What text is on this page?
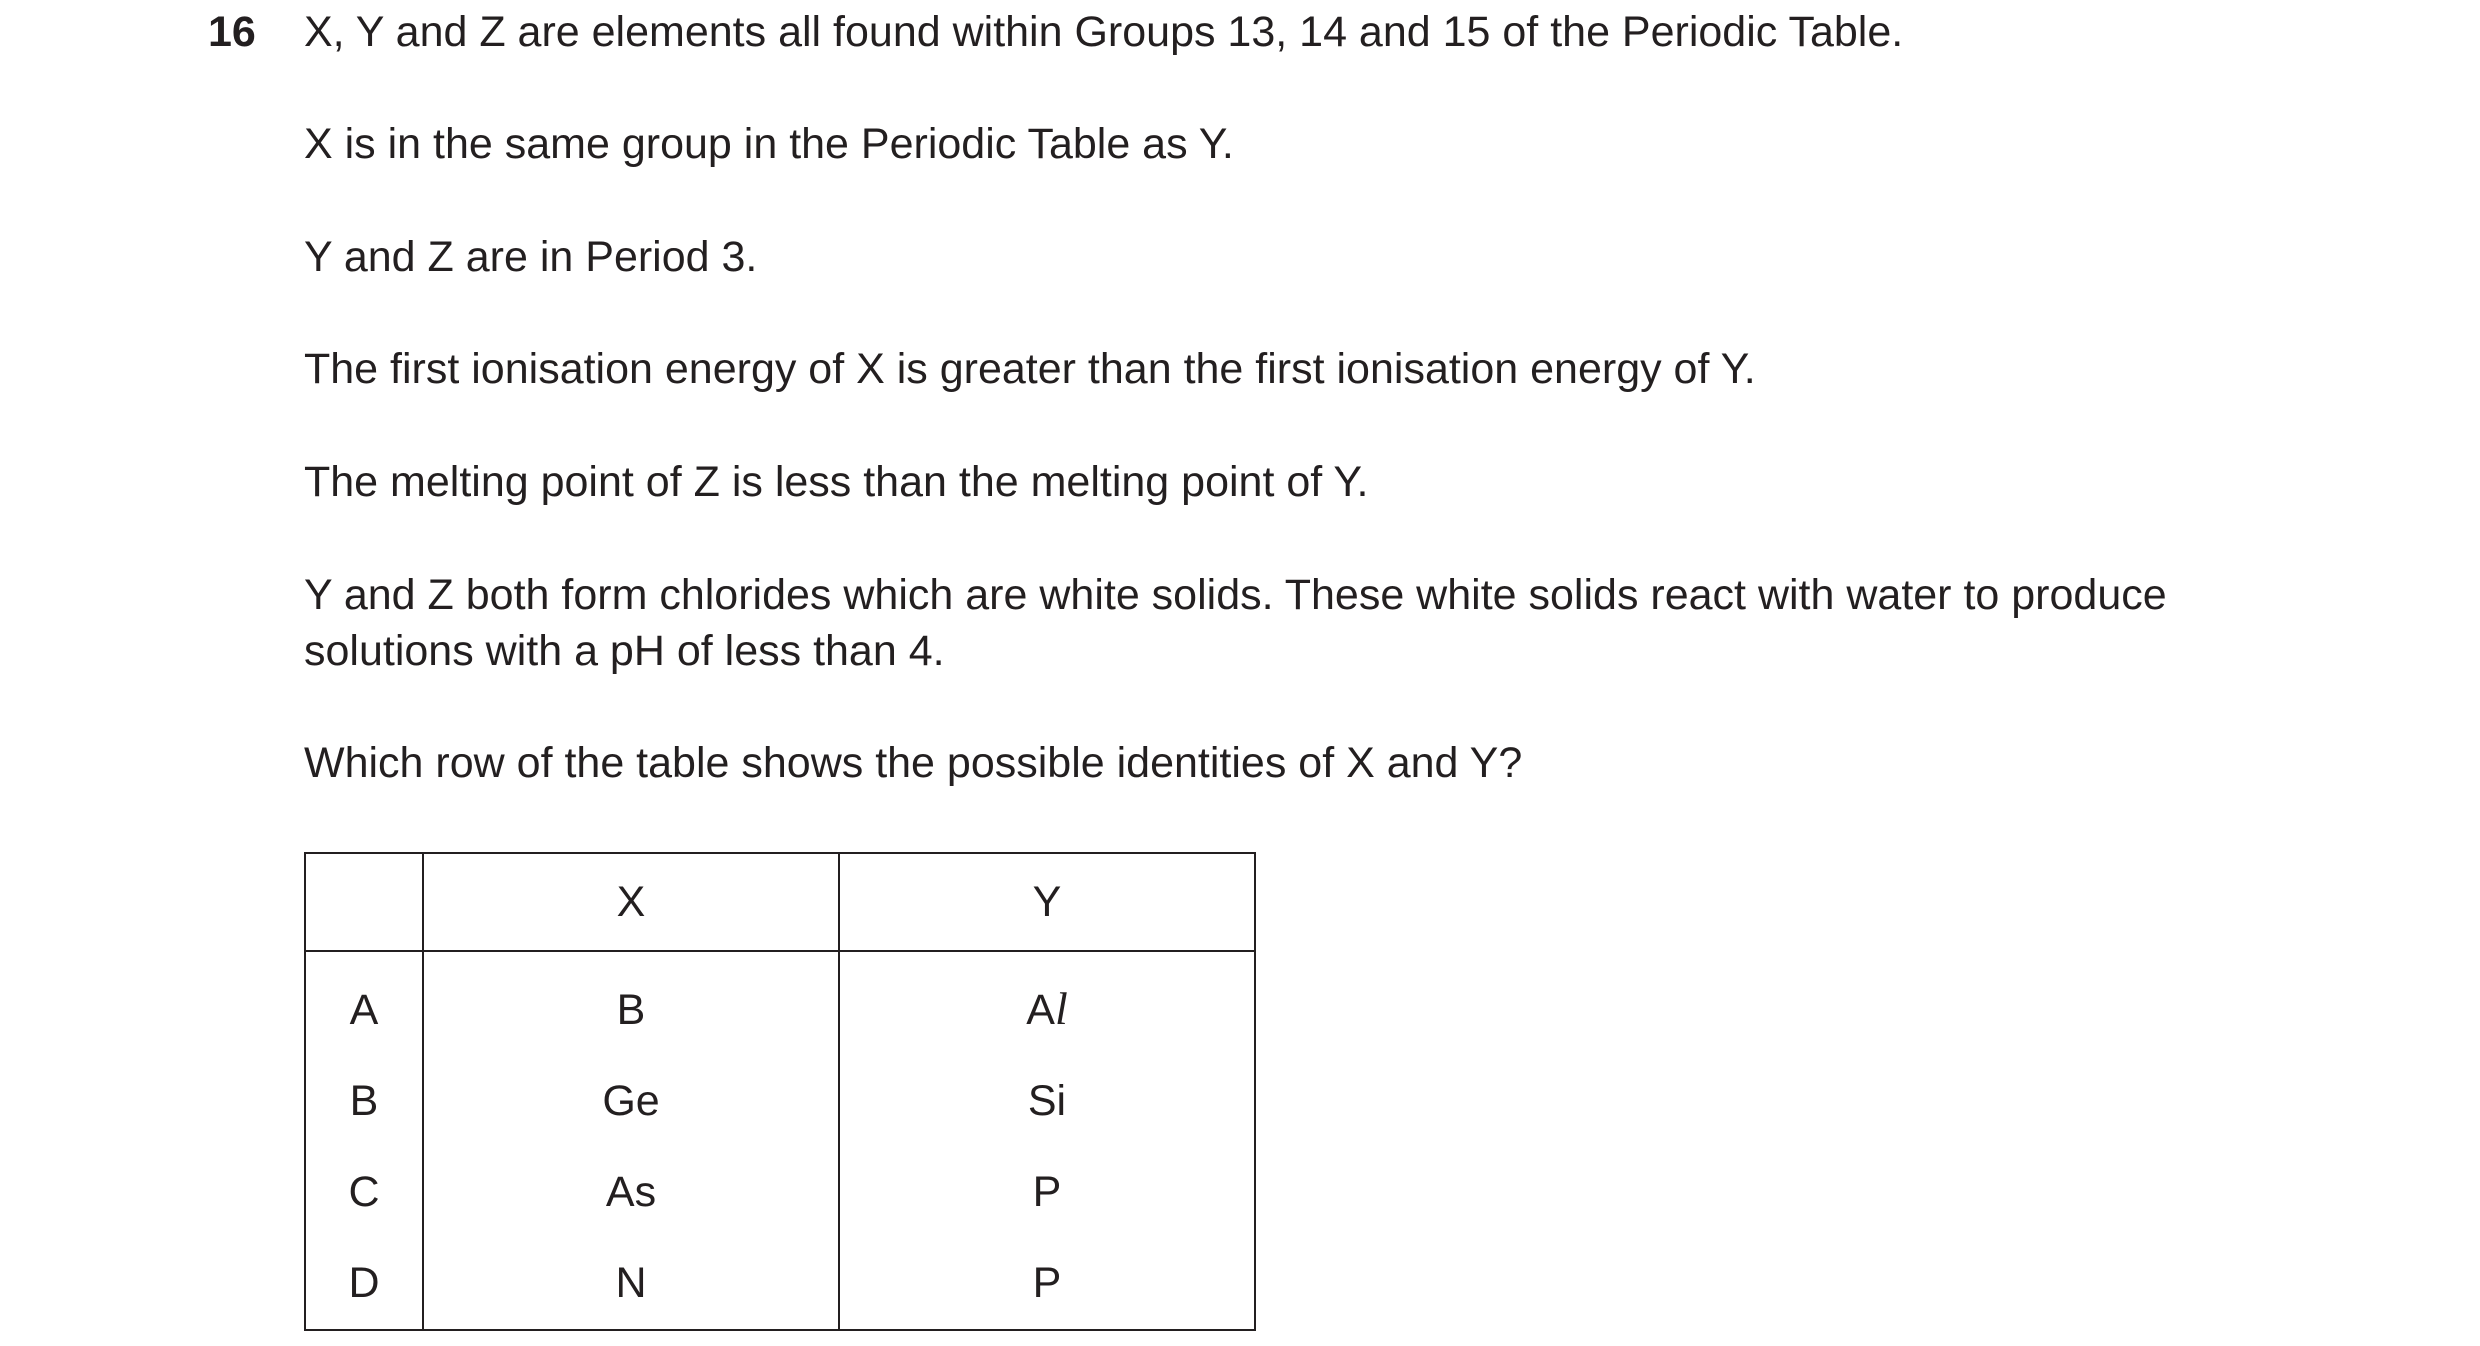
16 X, Y and Z are elements all found within Groups 13, 14 and 15 of the Periodic Table.

X is in the same group in the Periodic Table as Y.

Y and Z are in Period 3.

The first ionisation energy of X is greater than the first ionisation energy of Y.

The melting point of Z is less than the melting point of Y.

Y and Z both form chlorides which are white solids. These white solids react with water to produce solutions with a pH of less than 4.

Which row of the table shows the possible identities of X and Y?

	X	Y

A	B	Al

B	Ge	Si
C	As	P
D	N	P
